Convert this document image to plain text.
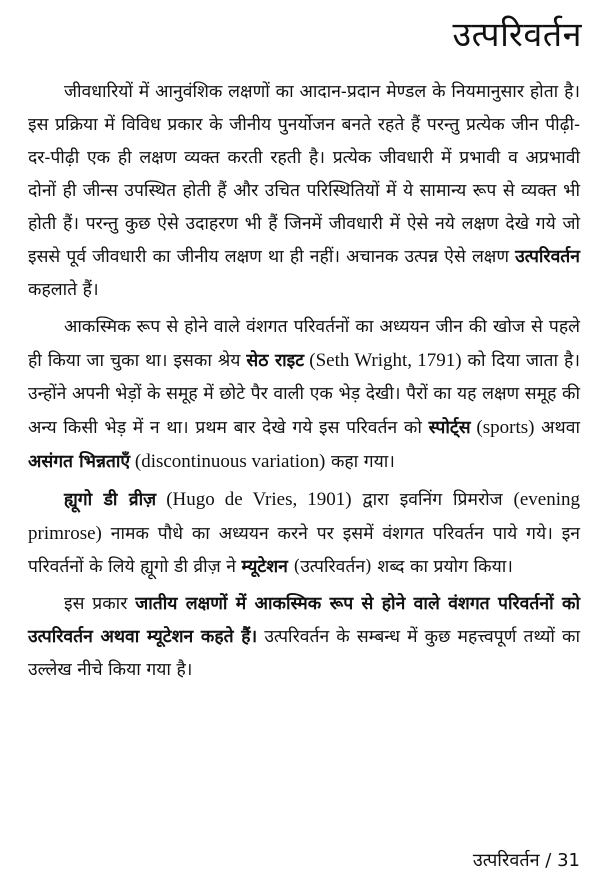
उत्परिवर्तन

जीवधारियों में आनुवंशिक लक्षणों का आदान-प्रदान मेण्डल के नियमानुसार होता है। इस प्रक्रिया में विविध प्रकार के जीनीय पुनर्योजन बनते रहते हैं परन्तु प्रत्येक जीन पीढ़ी-दर-पीढ़ी एक ही लक्षण व्यक्त करती रहती है। प्रत्येक जीवधारी में प्रभावी व अप्रभावी दोनों ही जीन्स उपस्थित होती हैं और उचित परिस्थितियों में ये सामान्य रूप से व्यक्त भी होती हैं। परन्तु कुछ ऐसे उदाहरण भी हैं जिनमें जीवधारी में ऐसे नये लक्षण देखे गये जो इससे पूर्व जीवधारी का जीनीय लक्षण था ही नहीं। अचानक उत्पन्न ऐसे लक्षण उत्परिवर्तन कहलाते हैं।

आकस्मिक रूप से होने वाले वंशगत परिवर्तनों का अध्ययन जीन की खोज से पहले ही किया जा चुका था। इसका श्रेय सेठ राइट (Seth Wright, 1791) को दिया जाता है। उन्होंने अपनी भेड़ों के समूह में छोटे पैर वाली एक भेड़ देखी। पैरों का यह लक्षण समूह की अन्य किसी भेड़ में न था। प्रथम बार देखे गये इस परिवर्तन को स्पोर्ट्स (sports) अथवा असंगत भिन्नताएँ (discontinuous variation) कहा गया।

ह्यूगो डी व्रीज़ (Hugo de Vries, 1901) द्वारा इवनिंग प्रिमरोज (evening primrose) नामक पौधे का अध्ययन करने पर इसमें वंशगत परिवर्तन पाये गये। इन परिवर्तनों के लिये ह्यूगो डी व्रीज़ ने म्यूटेशन (उत्परिवर्तन) शब्द का प्रयोग किया।

इस प्रकार जातीय लक्षणों में आकस्मिक रूप से होने वाले वंशगत परिवर्तनों को उत्परिवर्तन अथवा म्यूटेशन कहते हैं। उत्परिवर्तन के सम्बन्ध में कुछ महत्त्वपूर्ण तथ्यों का उल्लेख नीचे किया गया है।

उत्परिवर्तन / 31
